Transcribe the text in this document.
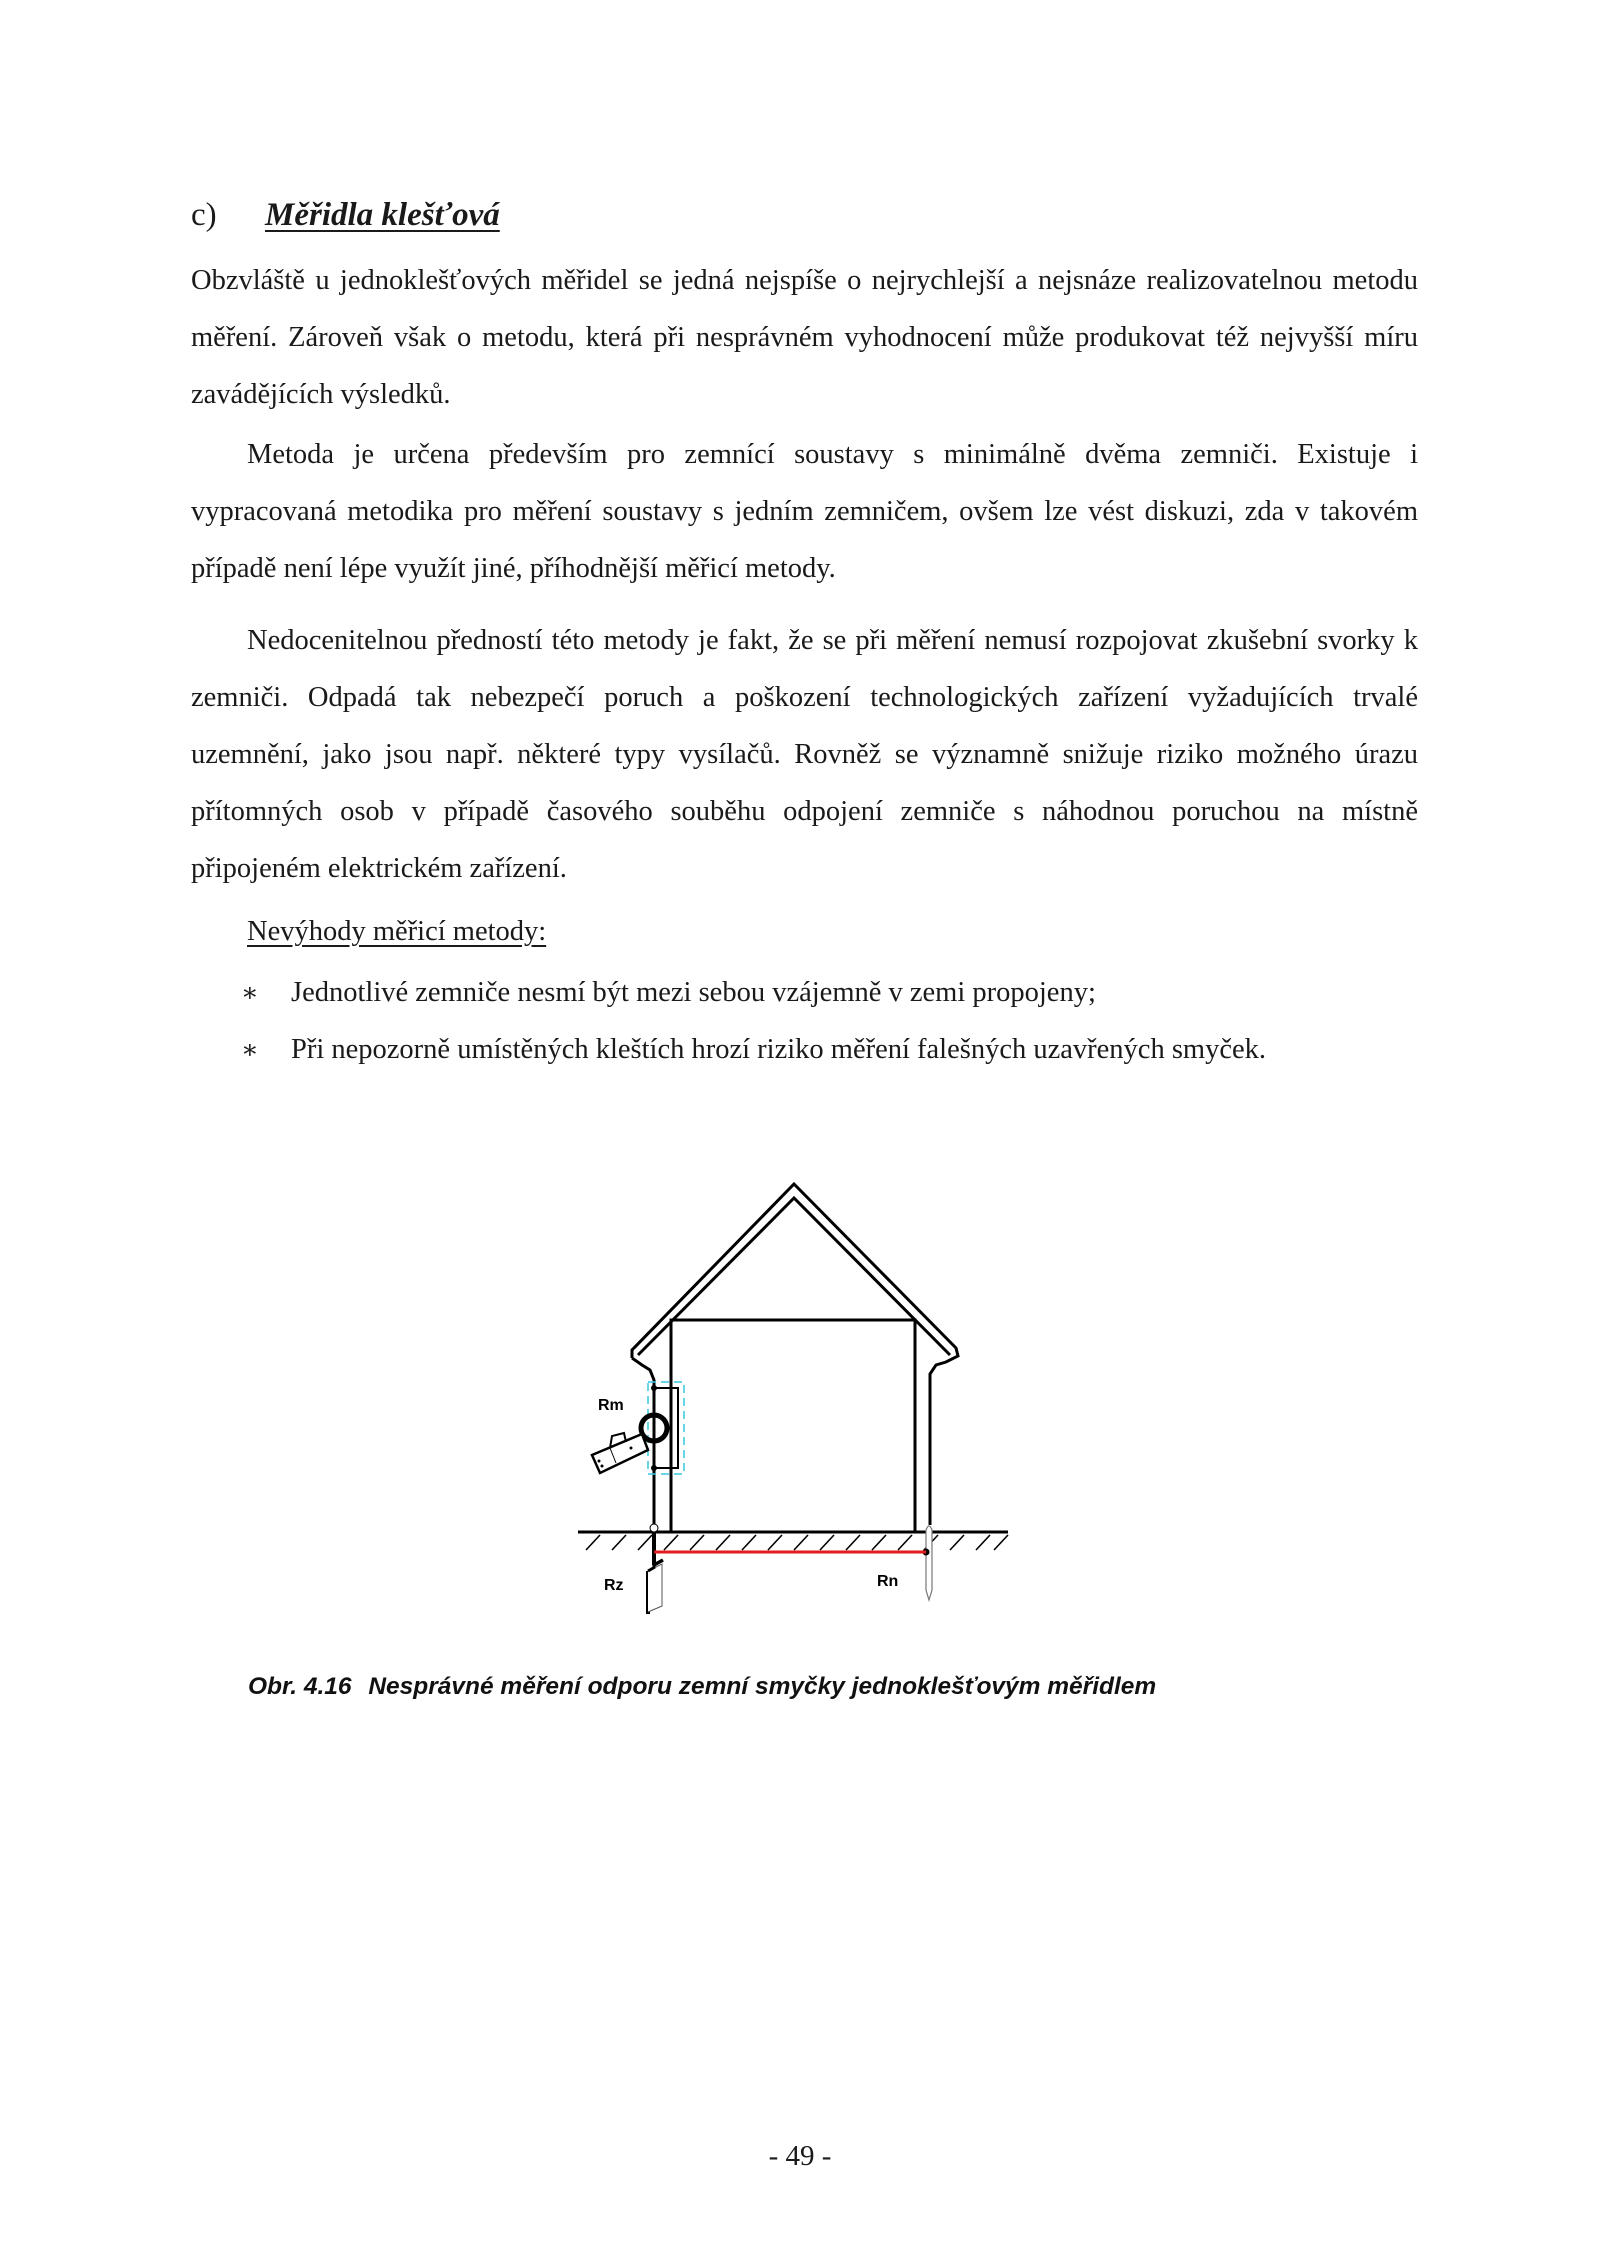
c) Měřidla klešťová

Obzvláště u jednoklešťových měřidel se jedná nejspíše o nejrychlejší a nejsnáze realizovatelnou metodu měření. Zároveň však o metodu, která při nesprávném vyhodnocení může produkovat též nejvyšší míru zavádějících výsledků.

Metoda je určena především pro zemnící soustavy s minimálně dvěma zemniči. Existuje i vypracovaná metodika pro měření soustavy s jedním zemničem, ovšem lze vést diskuzi, zda v takovém případě není lépe využít jiné, příhodnější měřicí metody.

Nedocenitelnou předností této metody je fakt, že se při měření nemusí rozpojovat zkušební svorky k zemniči. Odpadá tak nebezpečí poruch a poškození technologických zařízení vyžadujících trvalé uzemnění, jako jsou např. některé typy vysílačů. Rovněž se významně snižuje riziko možného úrazu přítomných osob v případě časového souběhu odpojení zemniče s náhodnou poruchou na místně připojeném elektrickém zařízení.

Nevýhody měřicí metody:
∗ Jednotlivé zemniče nesmí být mezi sebou vzájemně v zemi propojeny;
∗ Při nepozorně umístěných kleštích hrozí riziko měření falešných uzavřených smyček.
Rm
Rz	Rn
Obr. 4.16 Nesprávné měření odporu zemní smyčky jednoklešťovým měřidlem
- 49 -
